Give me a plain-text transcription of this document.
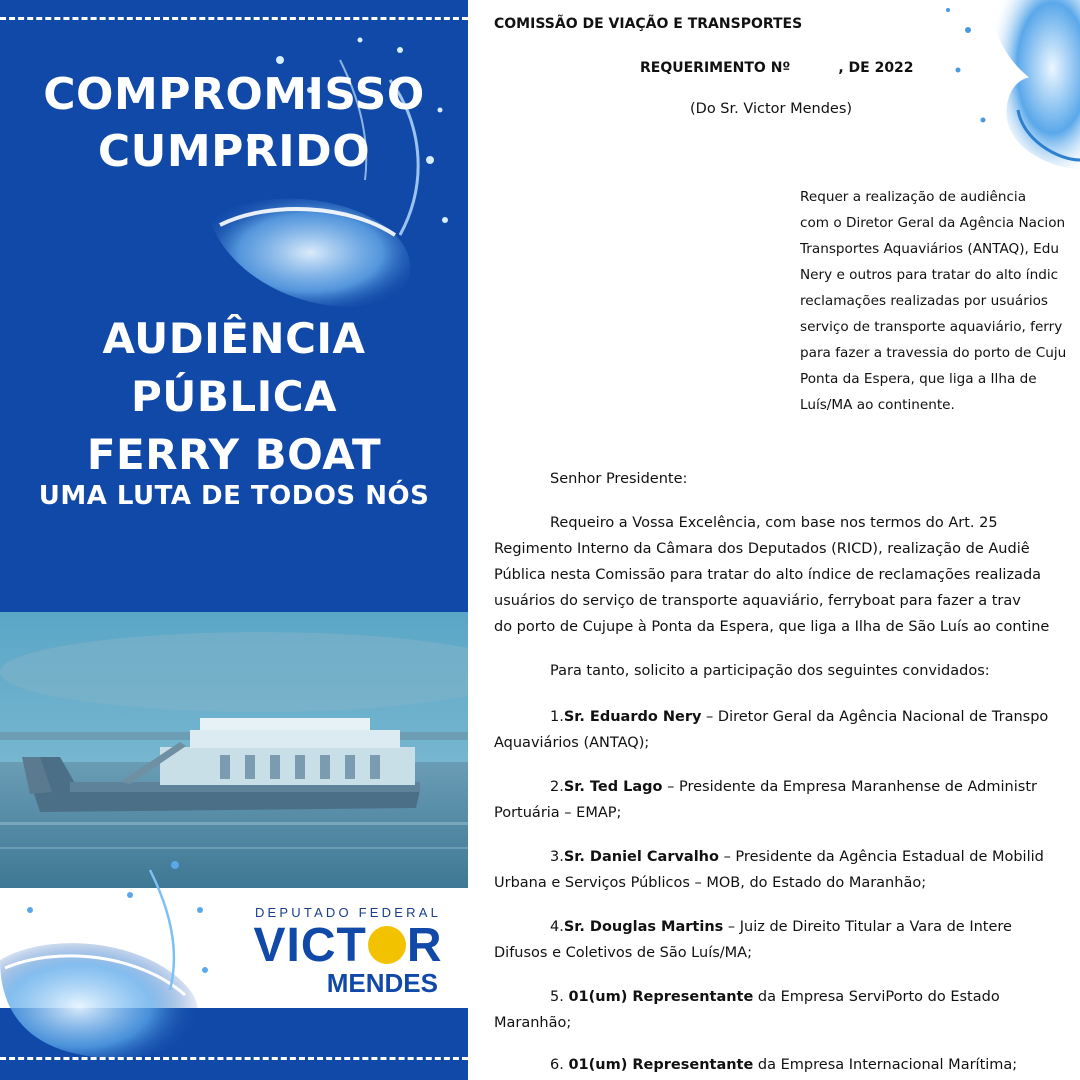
COMPROMISSO
CUMPRIDO
AUDIÊNCIA PÚBLICA
FERRY BOAT
UMA LUTA DE TODOS NÓS
DEPUTADO FEDERAL
VICT R
MENDES
COMISSÃO DE VIAÇÃO E TRANSPORTES
REQUERIMENTO Nº	, DE 2022
(Do Sr. Victor Mendes)
Requer a realização de audiência
com o Diretor Geral da Agência Nacion
Transportes Aquaviários (ANTAQ), Edu
Nery e outros para tratar do alto índic
reclamações realizadas por usuários
serviço de transporte aquaviário, ferry
para fazer a travessia do porto de Cuju
Ponta da Espera, que liga a Ilha de
Luís/MA ao continente.
Senhor Presidente:
Requeiro a Vossa Excelência, com base nos termos do Art. 25
Regimento Interno da Câmara dos Deputados (RICD), realização de Audiê
Pública nesta Comissão para tratar do alto índice de reclamações realizada
usuários do serviço de transporte aquaviário, ferryboat para fazer a trav
do porto de Cujupe à Ponta da Espera, que liga a Ilha de São Luís ao contine
Para tanto, solicito a participação dos seguintes convidados:
1.Sr. Eduardo Nery – Diretor Geral da Agência Nacional de Transpo
Aquaviários (ANTAQ);
2.Sr. Ted Lago – Presidente da Empresa Maranhense de Administr
Portuária – EMAP;
3.Sr. Daniel Carvalho – Presidente da Agência Estadual de Mobilid
Urbana e Serviços Públicos – MOB, do Estado do Maranhão;
4.Sr. Douglas Martins – Juiz de Direito Titular a Vara de Intere
Difusos e Coletivos de São Luís/MA;
5. 01(um) Representante da Empresa ServiPorto do Estado
Maranhão;
6. 01(um) Representante da Empresa Internacional Marítima;
